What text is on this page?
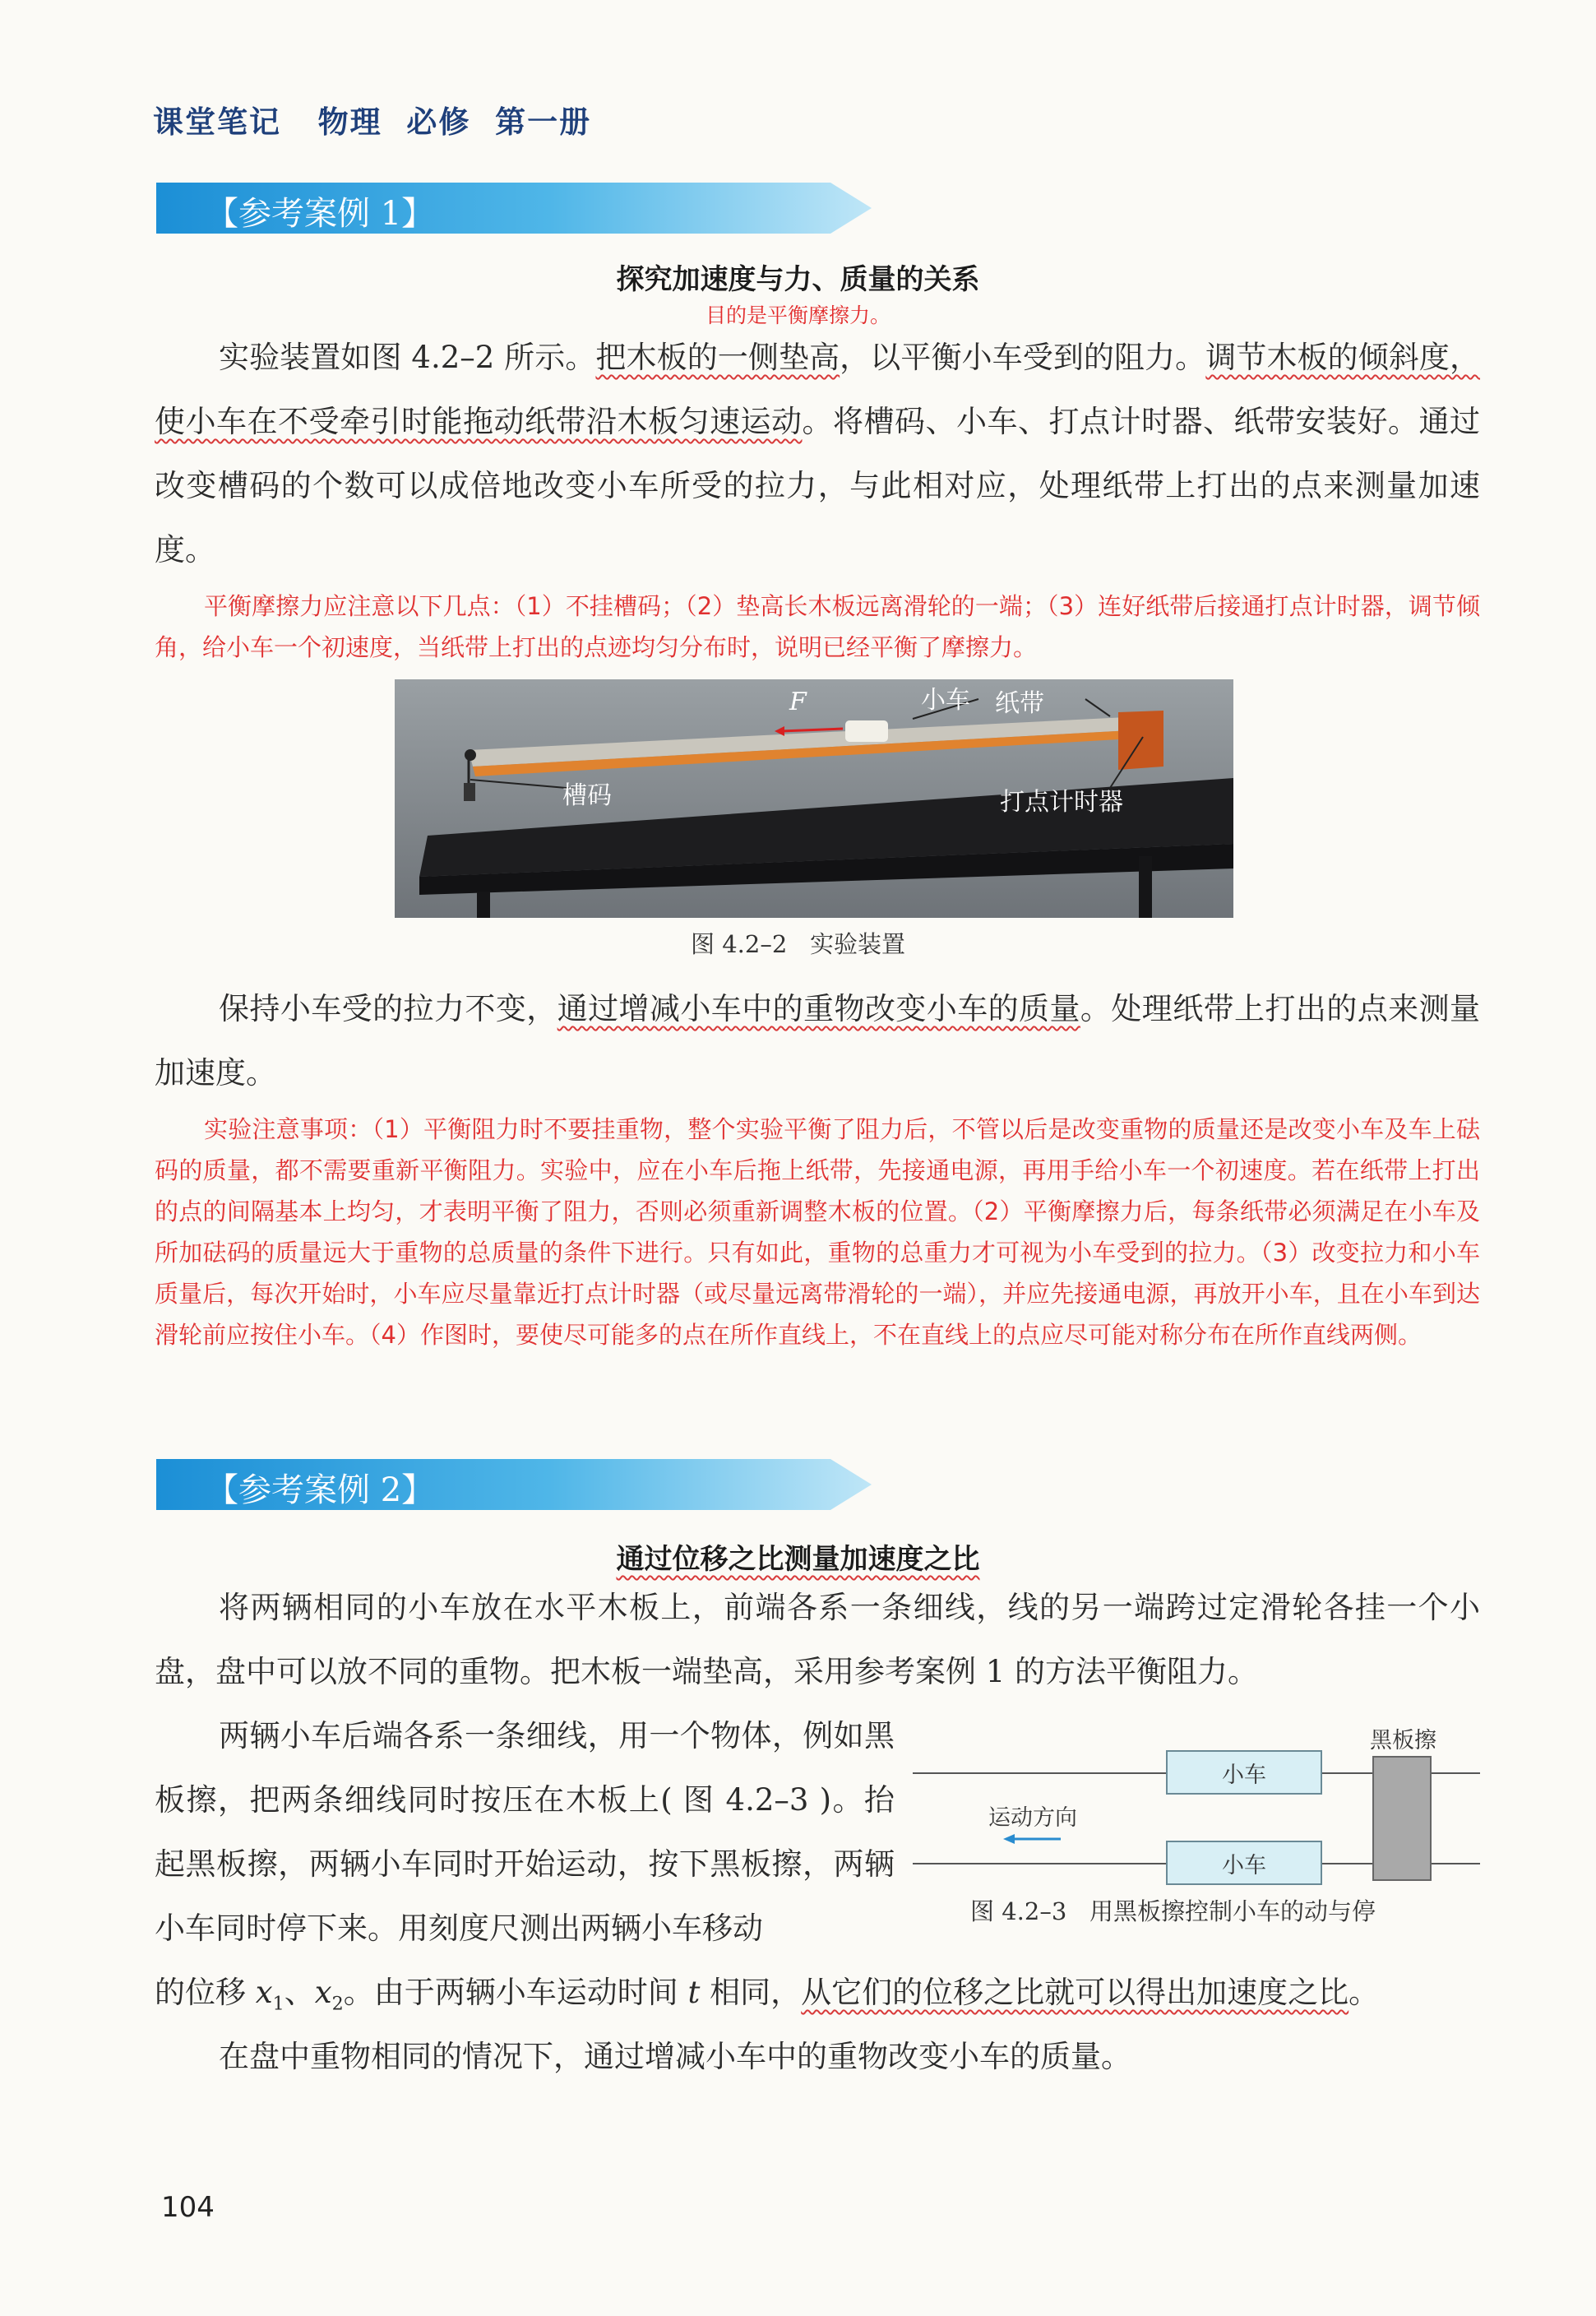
课堂笔记   物理  必修  第一册
【参考案例 1】
探究加速度与力、质量的关系
目的是平衡摩擦力。
实验装置如图 4.2–2 所示。把木板的一侧垫高，以平衡小车受到的阻力。调节木板的倾斜度，使小车在不受牵引时能拖动纸带沿木板匀速运动。将槽码、小车、打点计时器、纸带安装好。通过改变槽码的个数可以成倍地改变小车所受的拉力，与此相对应，处理纸带上打出的点来测量加速度。
平衡摩擦力应注意以下几点：（1）不挂槽码；（2）垫高长木板远离滑轮的一端；（3）连好纸带后接通打点计时器，调节倾角，给小车一个初速度，当纸带上打出的点迹均匀分布时，说明已经平衡了摩擦力。
F	小车 纸带
槽码	打点计时器
图 4.2–2   实验装置
保持小车受的拉力不变，通过增减小车中的重物改变小车的质量。处理纸带上打出的点来测量加速度。
实验注意事项：（1）平衡阻力时不要挂重物，整个实验平衡了阻力后，不管以后是改变重物的质量还是改变小车及车上砝码的质量，都不需要重新平衡阻力。实验中，应在小车后拖上纸带，先接通电源，再用手给小车一个初速度。若在纸带上打出的点的间隔基本上均匀，才表明平衡了阻力，否则必须重新调整木板的位置。（2）平衡摩擦力后，每条纸带必须满足在小车及所加砝码的质量远大于重物的总质量的条件下进行。只有如此，重物的总重力才可视为小车受到的拉力。（3）改变拉力和小车质量后，每次开始时，小车应尽量靠近打点计时器（或尽量远离带滑轮的一端），并应先接通电源，再放开小车，且在小车到达滑轮前应按住小车。（4）作图时，要使尽可能多的点在所作直线上，不在直线上的点应尽可能对称分布在所作直线两侧。
【参考案例 2】
通过位移之比测量加速度之比
将两辆相同的小车放在水平木板上，前端各系一条细线，线的另一端跨过定滑轮各挂一个小盘，盘中可以放不同的重物。把木板一端垫高，采用参考案例 1 的方法平衡阻力。
两辆小车后端各系一条细线，用一个物体，例如黑板擦，把两条细线同时按压在木板上( 图 4.2–3 )。抬起黑板擦，两辆小车同时开始运动，按下黑板擦，两辆小车同时停下来。用刻度尺测出两辆小车移动
黑板擦
小车
小车
运动方向
图 4.2–3   用黑板擦控制小车的动与停
的位移 $x_1$、$x_2$。由于两辆小车运动时间 t 相同，从它们的位移之比就可以得出加速度之比。
在盘中重物相同的情况下，通过增减小车中的重物改变小车的质量。
104
